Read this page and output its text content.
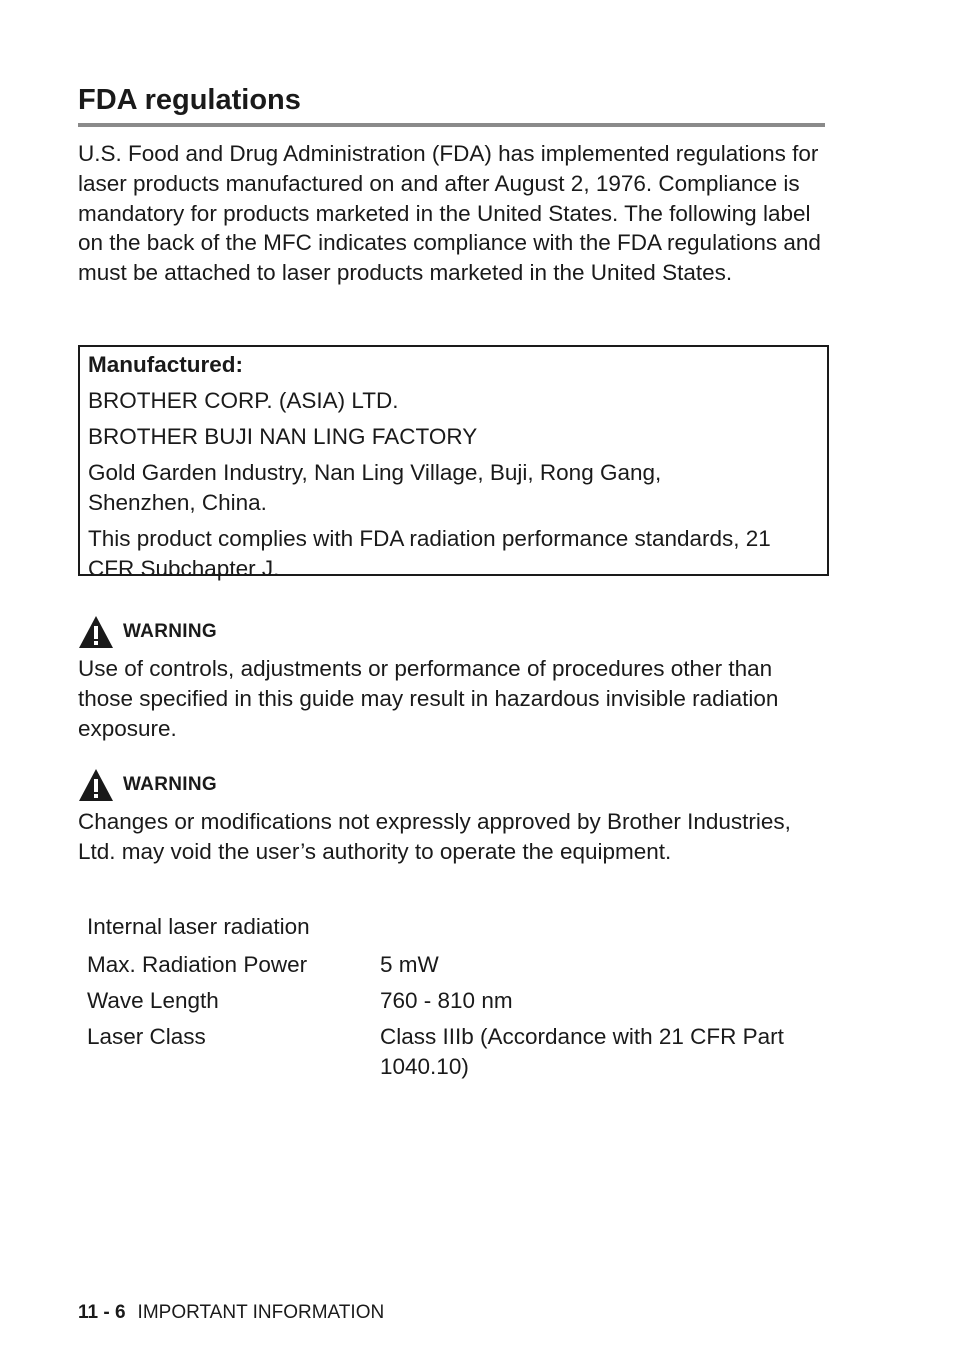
FDA regulations

U.S. Food and Drug Administration (FDA) has implemented regulations for laser products manufactured on and after August 2, 1976. Compliance is mandatory for products marketed in the United States. The following label on the back of the MFC indicates compliance with the FDA regulations and must be attached to laser products marketed in the United States.

Manufactured:

BROTHER CORP. (ASIA) LTD.

BROTHER BUJI NAN LING FACTORY

Gold Garden Industry, Nan Ling Village, Buji, Rong Gang, Shenzhen, China.

This product complies with FDA radiation performance standards, 21 CFR Subchapter J.

WARNING

Use of controls, adjustments or performance of procedures other than those specified in this guide may result in hazardous invisible radiation exposure.

WARNING

Changes or modifications not expressly approved by Brother Industries, Ltd. may void the user’s authority to operate the equipment.

Internal laser radiation

Max. Radiation Power	5 mW
Wave Length	760 - 810 nm
Laser Class	Class IIIb (Accordance with 21 CFR Part 1040.10)
11 - 6 IMPORTANT INFORMATION
